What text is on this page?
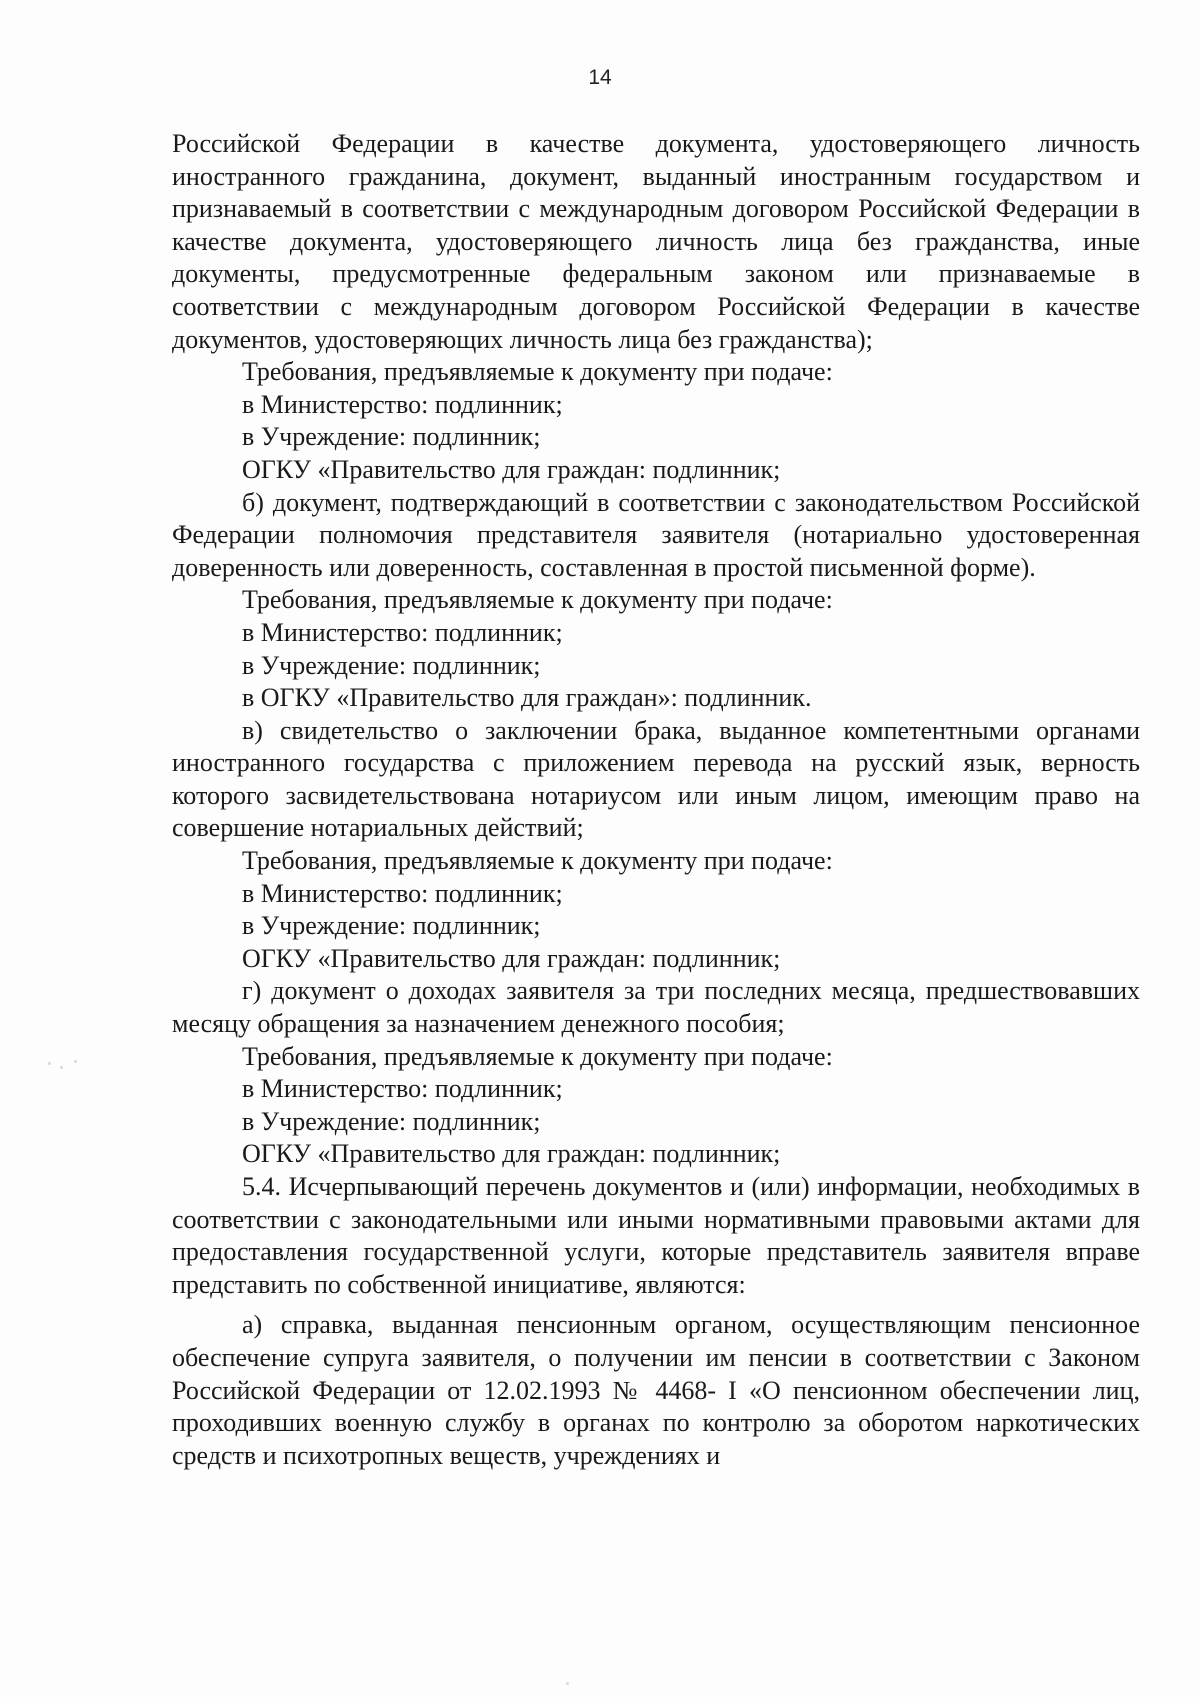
14

Российской Федерации в качестве документа, удостоверяющего личность иностранного гражданина, документ, выданный иностранным государством и признаваемый в соответствии с международным договором Российской Федерации в качестве документа, удостоверяющего личность лица без гражданства, иные документы, предусмотренные федеральным законом или признаваемые в соответствии с международным договором Российской Федерации в качестве документов, удостоверяющих личность лица без гражданства);

Требования, предъявляемые к документу при подаче:

в Министерство: подлинник;

в Учреждение: подлинник;

ОГКУ «Правительство для граждан: подлинник;

б) документ, подтверждающий в соответствии с законодательством Российской Федерации полномочия представителя заявителя (нотариально удостоверенная доверенность или доверенность, составленная в простой письменной форме).

Требования, предъявляемые к документу при подаче:

в Министерство: подлинник;

в Учреждение: подлинник;

в ОГКУ «Правительство для граждан»: подлинник.

в) свидетельство о заключении брака, выданное компетентными органами иностранного государства с приложением перевода на русский язык, верность которого засвидетельствована нотариусом или иным лицом, имеющим право на совершение нотариальных действий;

Требования, предъявляемые к документу при подаче:

в Министерство: подлинник;

в Учреждение: подлинник;

ОГКУ «Правительство для граждан: подлинник;

г) документ о доходах заявителя за три последних месяца, предшествовавших месяцу обращения за назначением денежного пособия;

Требования, предъявляемые к документу при подаче:

в Министерство: подлинник;

в Учреждение: подлинник;

ОГКУ «Правительство для граждан: подлинник;

5.4. Исчерпывающий перечень документов и (или) информации, необходимых в соответствии с законодательными или иными нормативными правовыми актами для предоставления государственной услуги, которые представитель заявителя вправе представить по собственной инициативе, являются:

а) справка, выданная пенсионным органом, осуществляющим пенсионное обеспечение супруга заявителя, о получении им пенсии в соответствии с Законом Российской Федерации от 12.02.1993 № 4468- I «О пенсионном обеспечении лиц, проходивших военную службу в органах по контролю за оборотом наркотических средств и психотропных веществ, учреждениях и
